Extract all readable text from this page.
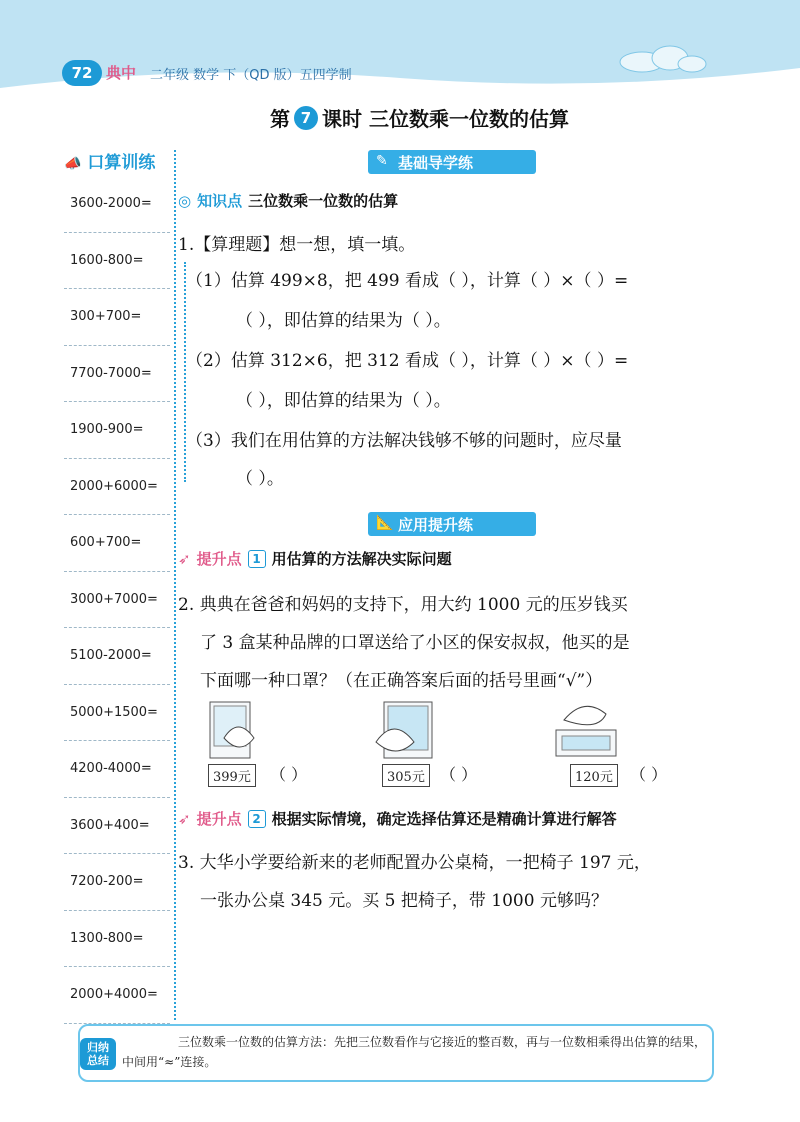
72 典中 二年级 数学 下（QD 版）五四学制
第 7 课时 三位数乘一位数的估算
📣 口算训练
3600-2000=
1600-800=
300+700=
7700-7000=
1900-900=
2000+6000=
600+700=
3000+7000=
5100-2000=
5000+1500=
4200-4000=
3600+400=
7200-200=
1300-800=
2000+4000=
✎ 基础导学练
◎ 知识点 三位数乘一位数的估算
1.【算理题】想一想，填一填。
（1）估算 499×8，把 499 看成（ ），计算（ ）×（ ）=
（ ），即估算的结果为（ ）。
（2）估算 312×6，把 312 看成（ ），计算（ ）×（ ）=
（ ），即估算的结果为（ ）。
（3）我们在用估算的方法解决钱够不够的问题时，应尽量
（ ）。
📐 应用提升练
➶ 提升点 1 用估算的方法解决实际问题
2. 典典在爸爸和妈妈的支持下，用大约 1000 元的压岁钱买
了 3 盒某种品牌的口罩送给了小区的保安叔叔，他买的是
下面哪一种口罩？（在正确答案后面的括号里画“√”）
399元	（ ）	305元 （ ）	120元	（ ）
➶ 提升点 2 根据实际情境，确定选择估算还是精确计算进行解答
3. 大华小学要给新来的老师配置办公桌椅，一把椅子 197 元，
一张办公桌 345 元。买 5 把椅子，带 1000 元够吗？
归纳
总结
三位数乘一位数的估算方法：先把三位数看作与它接近的整百数，再与一位数相乘得出估算的结果，中间用“≈”连接。
